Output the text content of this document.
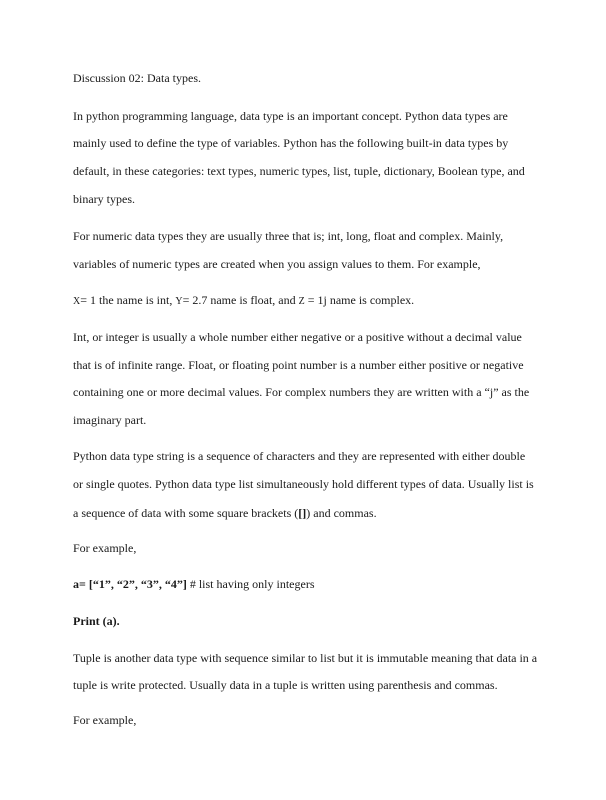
Discussion 02: Data types.
In python programming language, data type is an important concept. Python data types are
mainly used to define the type of variables. Python has the following built-in data types by
default, in these categories: text types, numeric types, list, tuple, dictionary, Boolean type, and
binary types.
For numeric data types they are usually three that is; int, long, float and complex. Mainly,
variables of numeric types are created when you assign values to them. For example,
X= 1 the name is int, Y= 2.7 name is float, and Z = 1j name is complex.
Int, or integer is usually a whole number either negative or a positive without a decimal value
that is of infinite range. Float, or floating point number is a number either positive or negative
containing one or more decimal values. For complex numbers they are written with a “j” as the
imaginary part.
Python data type string is a sequence of characters and they are represented with either double
or single quotes. Python data type list simultaneously hold different types of data. Usually list is
a sequence of data with some square brackets ([]) and commas.
For example,
a= [“1”, “2”, “3”, “4”] # list having only integers
Print (a).
Tuple is another data type with sequence similar to list but it is immutable meaning that data in a
tuple is write protected. Usually data in a tuple is written using parenthesis and commas.
For example,
